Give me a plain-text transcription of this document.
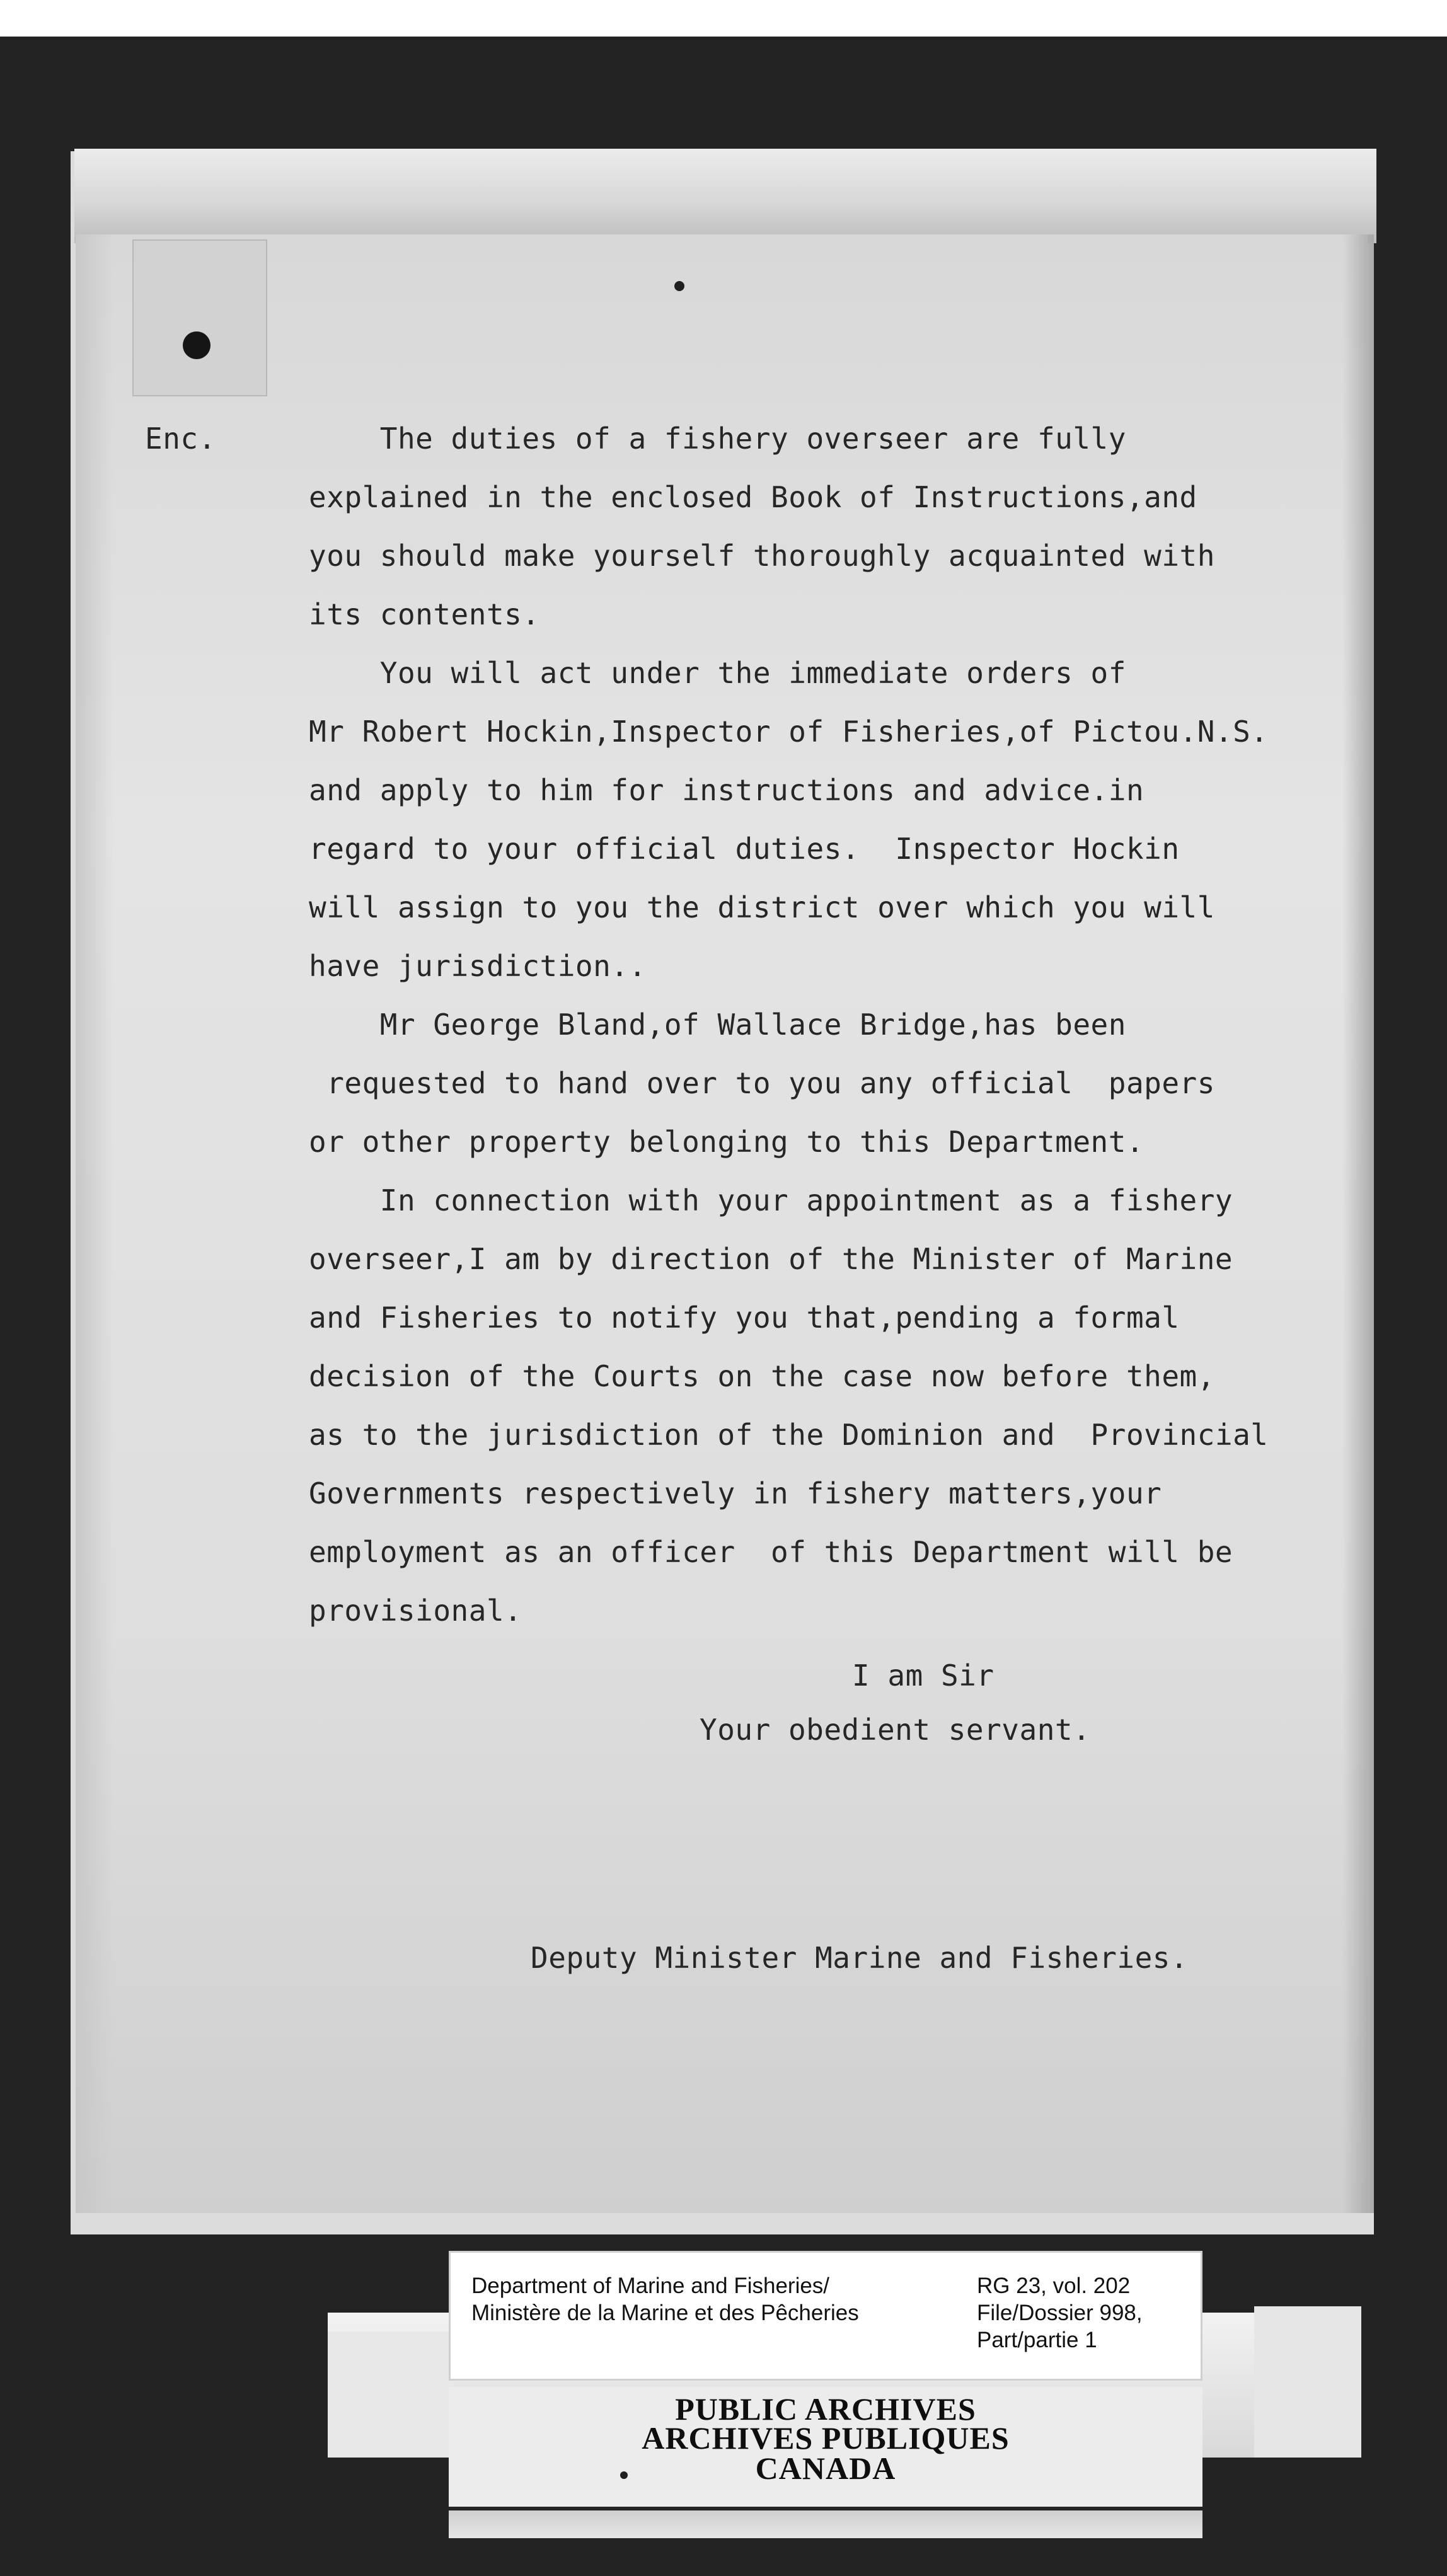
Enc.	The duties of a fishery overseer are fully
explained in the enclosed Book of Instructions,and
you should make yourself thoroughly acquainted with
its contents.
You will act under the immediate orders of
Mr Robert Hockin,Inspector of Fisheries,of Pictou.N.S.
and apply to him for instructions and advice.in
regard to your official duties.  Inspector Hockin
will assign to you the district over which you will
have jurisdiction..
Mr George Bland,of Wallace Bridge,has been
requested to hand over to you any official  papers
or other property belonging to this Department.
In connection with your appointment as a fishery
overseer,I am by direction of the Minister of Marine
and Fisheries to notify you that,pending a formal
decision of the Courts on the case now before them,
as to the jurisdiction of the Dominion and  Provincial
Governments respectively in fishery matters,your
employment as an officer  of this Department will be
provisional.
I am Sir
Your obedient servant.
Deputy Minister Marine and Fisheries.
Department of Marine and Fisheries/
Ministère de la Marine et des Pêcheries
RG 23, vol. 202
File/Dossier 998,
Part/partie 1
PUBLIC ARCHIVES
ARCHIVES PUBLIQUES
CANADA
